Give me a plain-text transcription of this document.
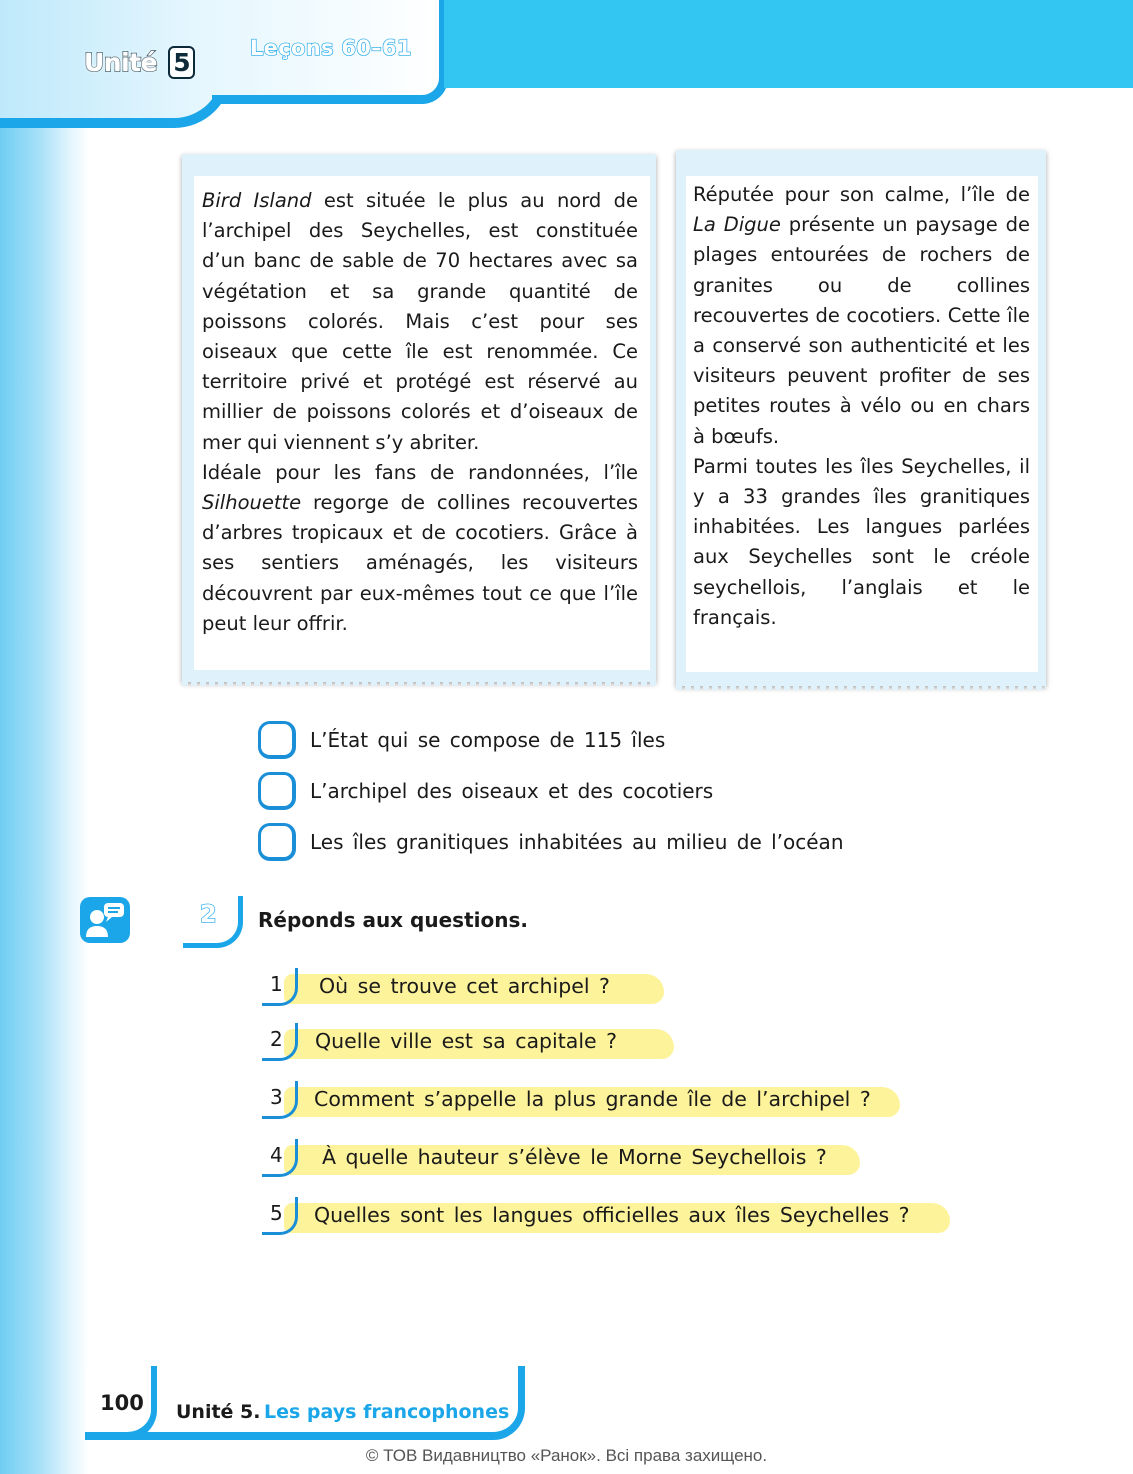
Unité 5	Leçons 60–61

Bird Island est située le plus au nord de l’archipel des Seychelles, est constituée d’un banc de sable de 70 hectares avec sa végétation et sa grande quantité de poissons colorés. Mais c’est pour ses oiseaux que cette île est renommée. Ce territoire privé et protégé est réservé au millier de poissons colorés et d’oiseaux de mer qui viennent s’y abriter.

Idéale pour les fans de randonnées, l’île Silhouette regorge de collines recouvertes d’arbres tropicaux et de cocotiers. Grâce à ses sentiers aménagés, les visiteurs découvrent par eux-mêmes tout ce que l’île peut leur offrir.

Réputée pour son calme, l’île de La Digue présente un paysage de plages entourées de rochers de granites ou de collines recouvertes de cocotiers. Cette île a conservé son authenticité et les visiteurs peuvent profiter de ses petites routes à vélo ou en chars à bœufs.

Parmi toutes les îles Seychelles, il y a 33 grandes îles granitiques inhabitées. Les langues parlées aux Seychelles sont le créole seychellois, l’anglais et le français.

L’État qui se compose de 115 îles
L’archipel des oiseaux et des cocotiers
Les îles granitiques inhabitées au milieu de l’océan
2 Réponds aux questions.
1 Où se trouve cet archipel ?
2 Quelle ville est sa capitale ?
3 Comment s’appelle la plus grande île de l’archipel ?
4 À quelle hauteur s’élève le Morne Seychellois ?
5 Quelles sont les langues officielles aux îles Seychelles ?
100 Unité 5. Les pays francophones
© ТОВ Видавництво «Ранок». Всі права захищено.
